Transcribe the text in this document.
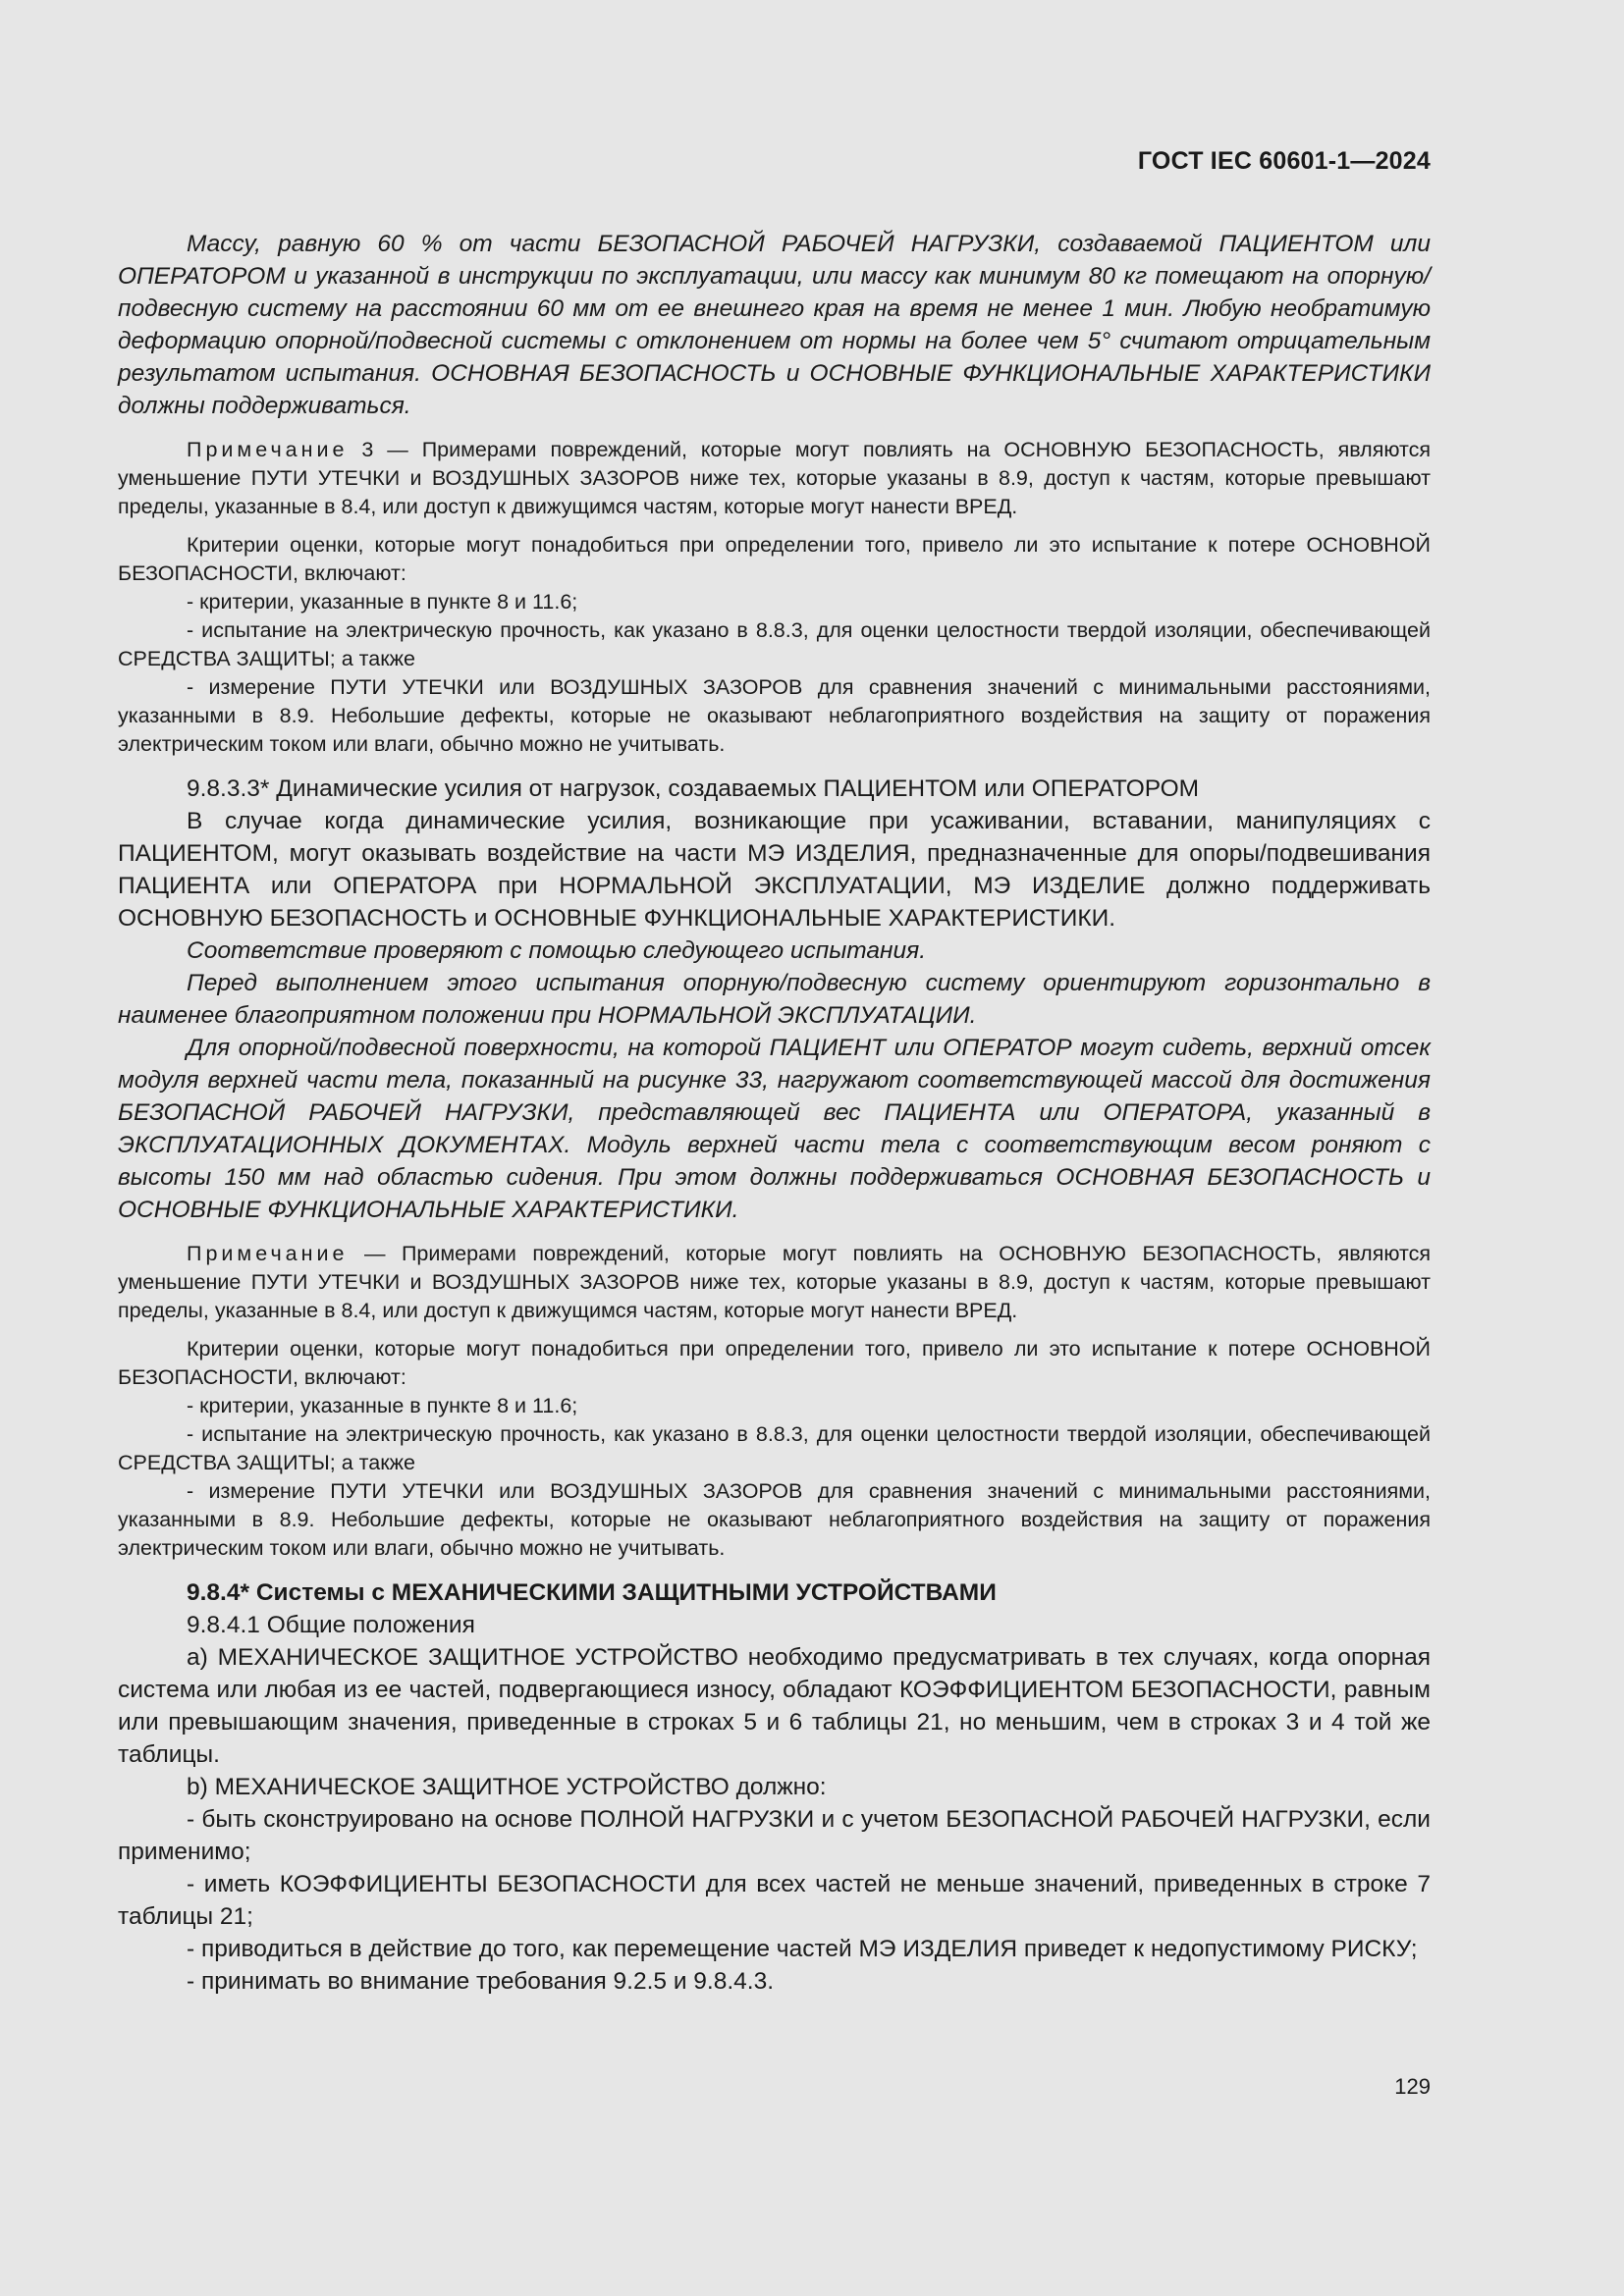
ГОСТ IEC 60601-1—2024

Массу, равную 60 % от части БЕЗОПАСНОЙ РАБОЧЕЙ НАГРУЗКИ, создаваемой ПАЦИЕНТОМ или ОПЕРАТОРОМ и указанной в инструкции по эксплуатации, или массу как минимум 80 кг помещают на опорную/подвесную систему на расстоянии 60 мм от ее внешнего края на время не менее 1 мин. Любую необратимую деформацию опорной/подвесной системы с отклонением от нормы на более чем 5° считают отрицательным результатом испытания. ОСНОВНАЯ БЕЗОПАСНОСТЬ и ОСНОВНЫЕ ФУНКЦИОНАЛЬНЫЕ ХАРАКТЕРИСТИКИ должны поддерживаться.

Примечание 3 — Примерами повреждений, которые могут повлиять на ОСНОВНУЮ БЕЗОПАСНОСТЬ, являются уменьшение ПУТИ УТЕЧКИ и ВОЗДУШНЫХ ЗАЗОРОВ ниже тех, которые указаны в 8.9, доступ к частям, которые превышают пределы, указанные в 8.4, или доступ к движущимся частям, которые могут нанести ВРЕД.

Критерии оценки, которые могут понадобиться при определении того, привело ли это испытание к потере ОСНОВНОЙ БЕЗОПАСНОСТИ, включают:

- критерии, указанные в пункте 8 и 11.6;

- испытание на электрическую прочность, как указано в 8.8.3, для оценки целостности твердой изоляции, обеспечивающей СРЕДСТВА ЗАЩИТЫ; а также

- измерение ПУТИ УТЕЧКИ или ВОЗДУШНЫХ ЗАЗОРОВ для сравнения значений с минимальными расстояниями, указанными в 8.9. Небольшие дефекты, которые не оказывают неблагоприятного воздействия на защиту от поражения электрическим током или влаги, обычно можно не учитывать.

9.8.3.3* Динамические усилия от нагрузок, создаваемых ПАЦИЕНТОМ или ОПЕРАТОРОМ

В случае когда динамические усилия, возникающие при усаживании, вставании, манипуляциях с ПАЦИЕНТОМ, могут оказывать воздействие на части МЭ ИЗДЕЛИЯ, предназначенные для опоры/подвешивания ПАЦИЕНТА или ОПЕРАТОРА при НОРМАЛЬНОЙ ЭКСПЛУАТАЦИИ, МЭ ИЗДЕЛИЕ должно поддерживать ОСНОВНУЮ БЕЗОПАСНОСТЬ и ОСНОВНЫЕ ФУНКЦИОНАЛЬНЫЕ ХАРАКТЕРИСТИКИ.

Соответствие проверяют с помощью следующего испытания.

Перед выполнением этого испытания опорную/подвесную систему ориентируют горизонтально в наименее благоприятном положении при НОРМАЛЬНОЙ ЭКСПЛУАТАЦИИ.

Для опорной/подвесной поверхности, на которой ПАЦИЕНТ или ОПЕРАТОР могут сидеть, верхний отсек модуля верхней части тела, показанный на рисунке 33, нагружают соответствующей массой для достижения БЕЗОПАСНОЙ РАБОЧЕЙ НАГРУЗКИ, представляющей вес ПАЦИЕНТА или ОПЕРАТОРА, указанный в ЭКСПЛУАТАЦИОННЫХ ДОКУМЕНТАХ. Модуль верхней части тела с соответствующим весом роняют с высоты 150 мм над областью сидения. При этом должны поддерживаться ОСНОВНАЯ БЕЗОПАСНОСТЬ и ОСНОВНЫЕ ФУНКЦИОНАЛЬНЫЕ ХАРАКТЕРИСТИКИ.

Примечание — Примерами повреждений, которые могут повлиять на ОСНОВНУЮ БЕЗОПАСНОСТЬ, являются уменьшение ПУТИ УТЕЧКИ и ВОЗДУШНЫХ ЗАЗОРОВ ниже тех, которые указаны в 8.9, доступ к частям, которые превышают пределы, указанные в 8.4, или доступ к движущимся частям, которые могут нанести ВРЕД.

Критерии оценки, которые могут понадобиться при определении того, привело ли это испытание к потере ОСНОВНОЙ БЕЗОПАСНОСТИ, включают:

- критерии, указанные в пункте 8 и 11.6;

- испытание на электрическую прочность, как указано в 8.8.3, для оценки целостности твердой изоляции, обеспечивающей СРЕДСТВА ЗАЩИТЫ; а также

- измерение ПУТИ УТЕЧКИ или ВОЗДУШНЫХ ЗАЗОРОВ для сравнения значений с минимальными расстояниями, указанными в 8.9. Небольшие дефекты, которые не оказывают неблагоприятного воздействия на защиту от поражения электрическим током или влаги, обычно можно не учитывать.

9.8.4* Системы с МЕХАНИЧЕСКИМИ ЗАЩИТНЫМИ УСТРОЙСТВАМИ

9.8.4.1 Общие положения

a) МЕХАНИЧЕСКОЕ ЗАЩИТНОЕ УСТРОЙСТВО необходимо предусматривать в тех случаях, когда опорная система или любая из ее частей, подвергающиеся износу, обладают КОЭФФИЦИЕНТОМ БЕЗОПАСНОСТИ, равным или превышающим значения, приведенные в строках 5 и 6 таблицы 21, но меньшим, чем в строках 3 и 4 той же таблицы.

b) МЕХАНИЧЕСКОЕ ЗАЩИТНОЕ УСТРОЙСТВО должно:

- быть сконструировано на основе ПОЛНОЙ НАГРУЗКИ и с учетом БЕЗОПАСНОЙ РАБОЧЕЙ НАГРУЗКИ, если применимо;

- иметь КОЭФФИЦИЕНТЫ БЕЗОПАСНОСТИ для всех частей не меньше значений, приведенных в строке 7 таблицы 21;

- приводиться в действие до того, как перемещение частей МЭ ИЗДЕЛИЯ приведет к недопустимому РИСКУ;

- принимать во внимание требования 9.2.5 и 9.8.4.3.

129
